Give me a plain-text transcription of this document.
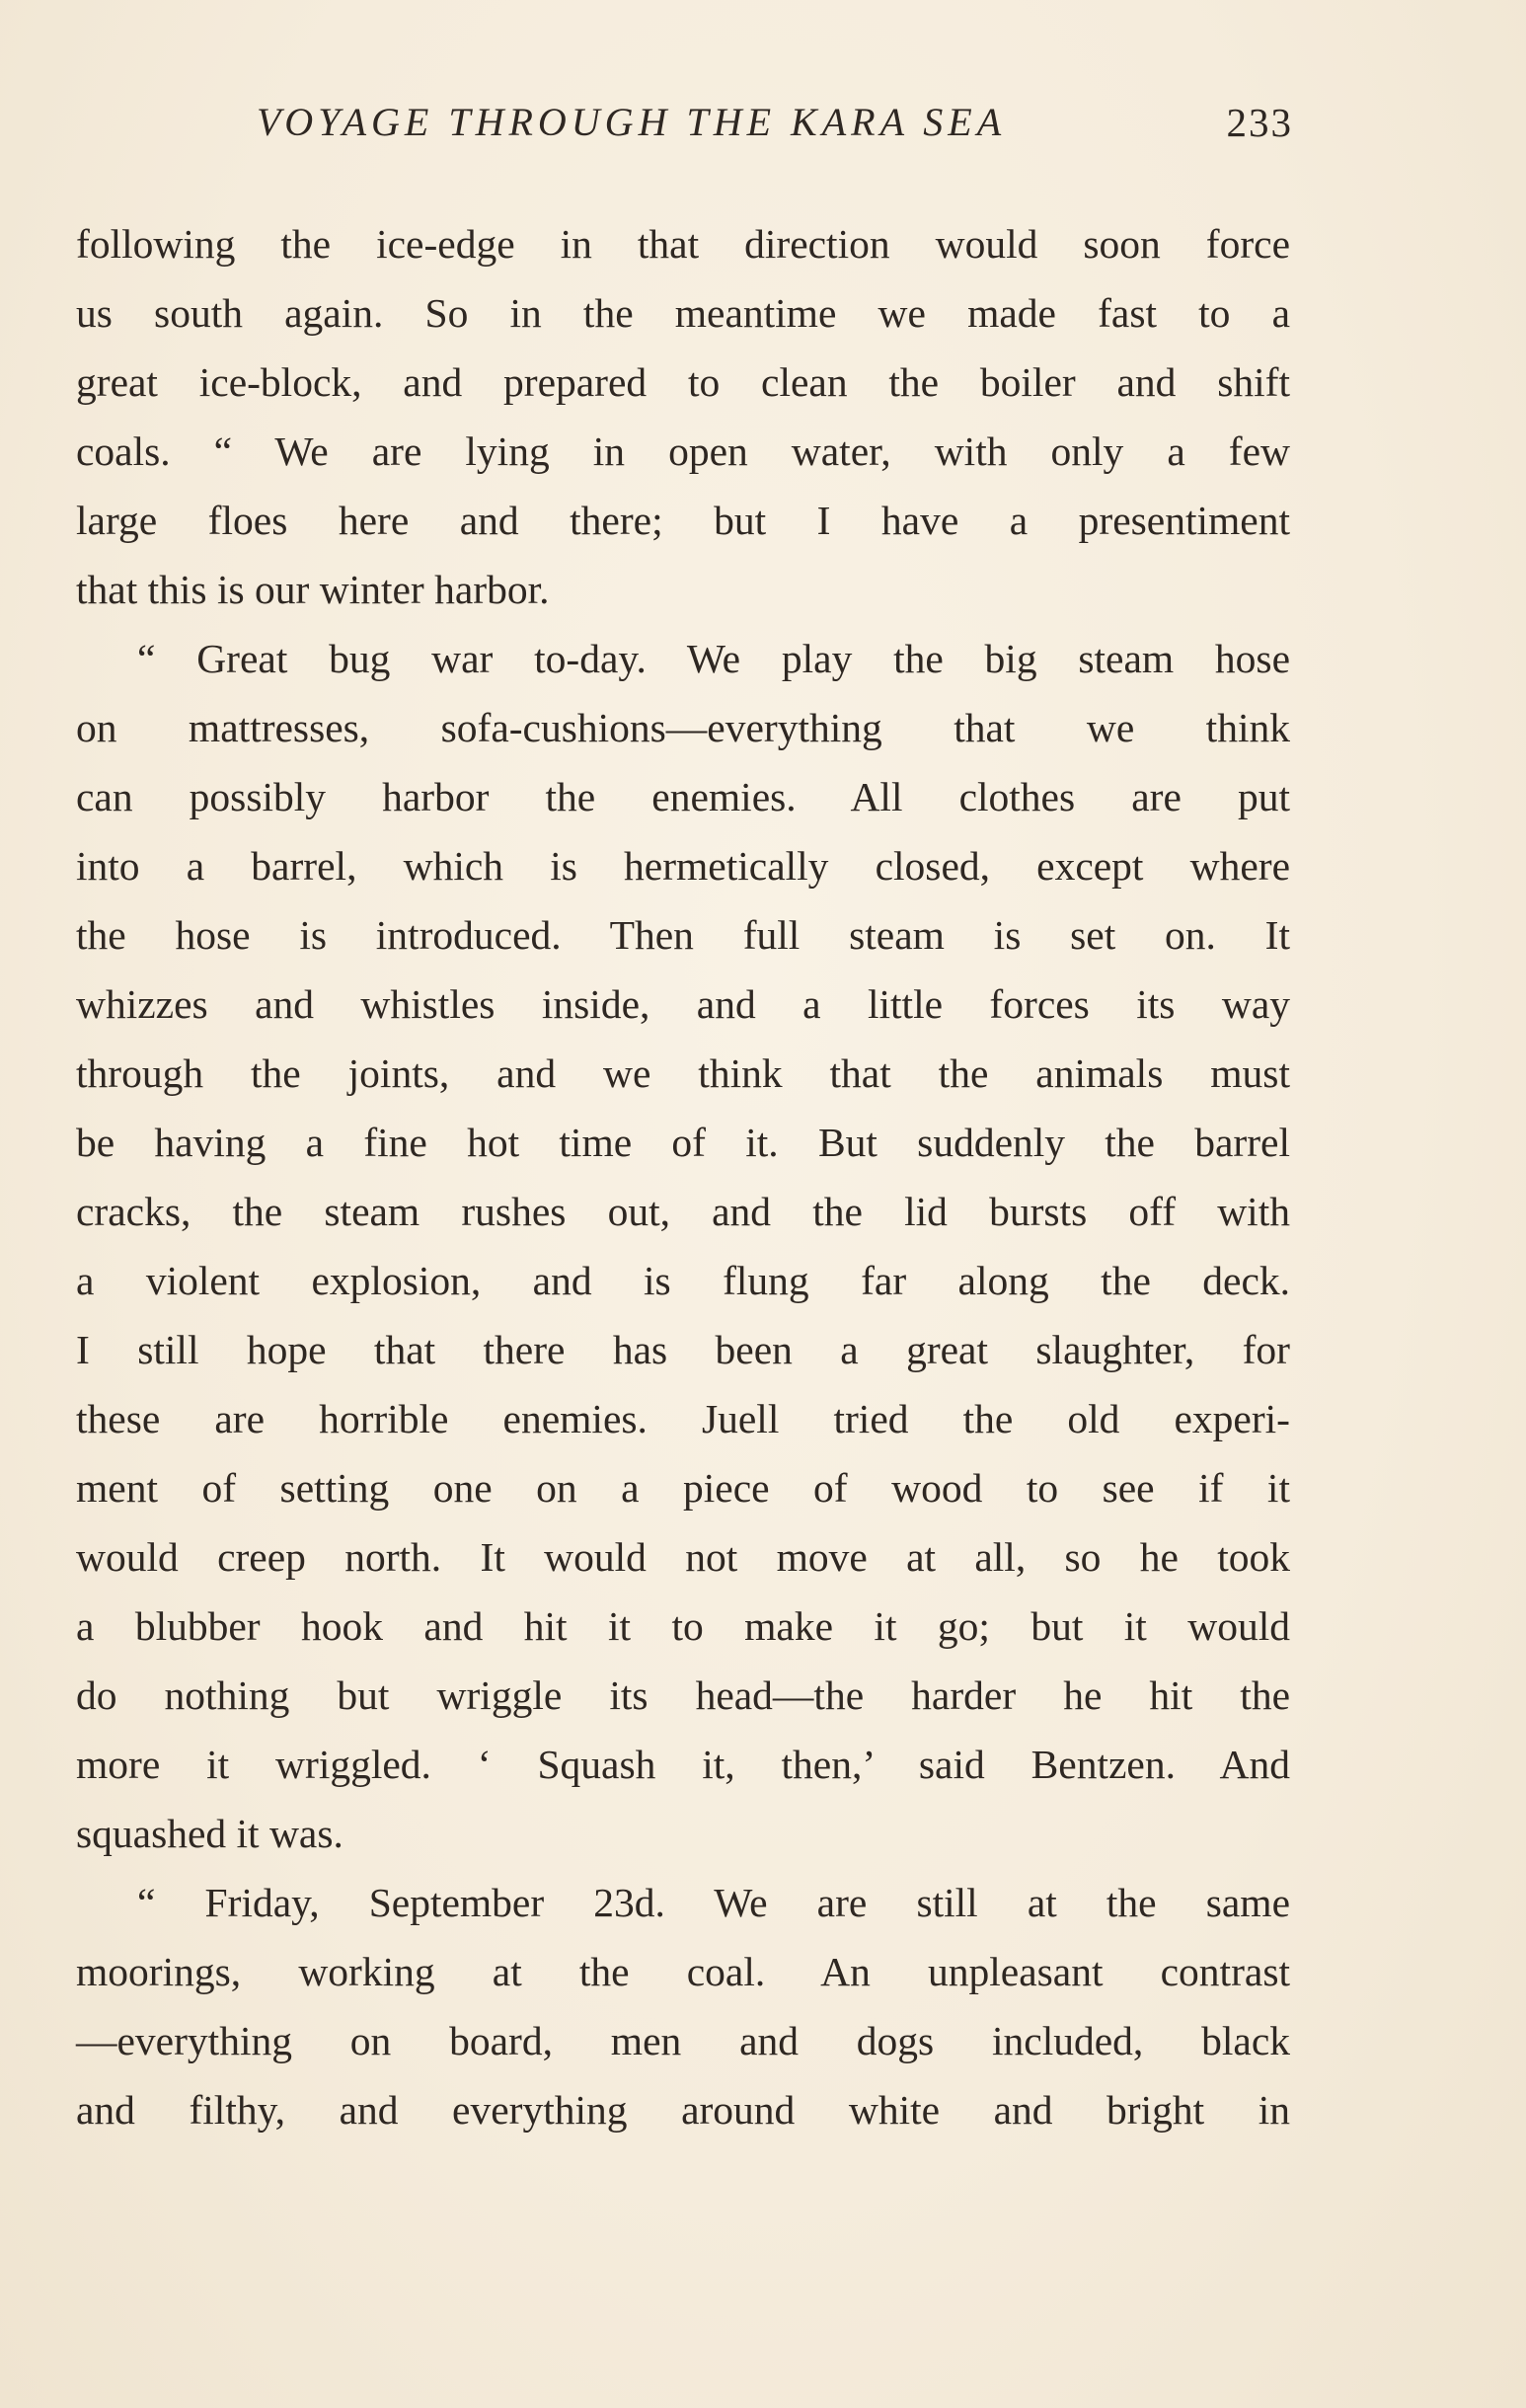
VOYAGE THROUGH THE KARA SEA	233
following the ice-edge in that direction would soon force
us south again. So in the meantime we made fast to a
great ice-block, and prepared to clean the boiler and shift
coals. “ We are lying in open water, with only a few
large floes here and there; but I have a presentiment
that this is our winter harbor.
“ Great bug war to-day. We play the big steam hose
on mattresses, sofa-cushions—everything that we think
can possibly harbor the enemies. All clothes are put
into a barrel, which is hermetically closed, except where
the hose is introduced. Then full steam is set on. It
whizzes and whistles inside, and a little forces its way
through the joints, and we think that the animals must
be having a fine hot time of it. But suddenly the barrel
cracks, the steam rushes out, and the lid bursts off with
a violent explosion, and is flung far along the deck.
I still hope that there has been a great slaughter, for
these are horrible enemies. Juell tried the old experi-
ment of setting one on a piece of wood to see if it
would creep north. It would not move at all, so he took
a blubber hook and hit it to make it go; but it would
do nothing but wriggle its head—the harder he hit the
more it wriggled. ‘ Squash it, then,’ said Bentzen. And
squashed it was.
“ Friday, September 23d. We are still at the same
moorings, working at the coal. An unpleasant contrast
—everything on board, men and dogs included, black
and filthy, and everything around white and bright in
